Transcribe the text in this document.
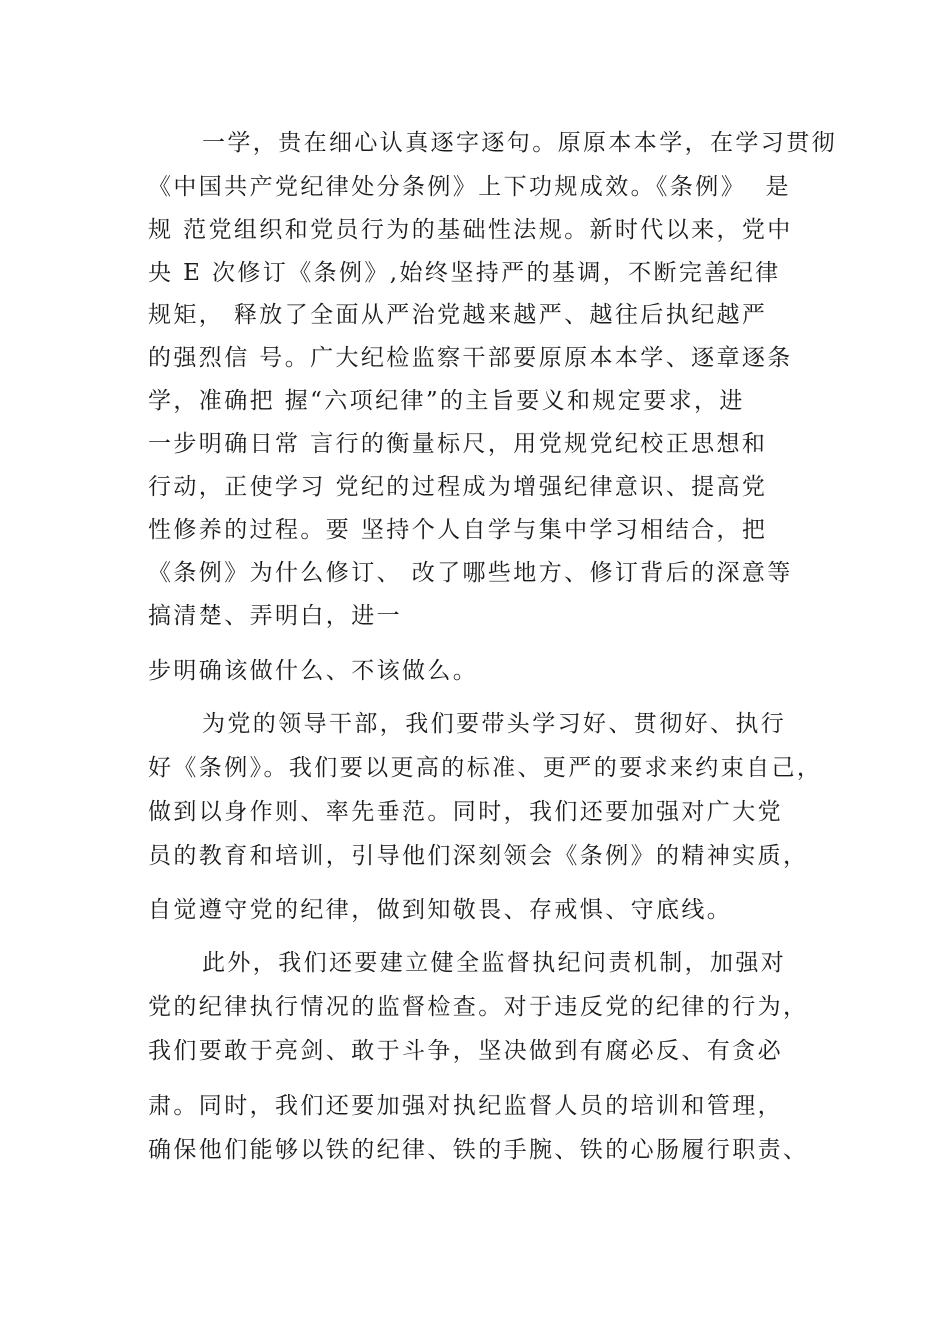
一学，贵在细心认真逐字逐句。原原本本学，在学习贯彻
《中国共产党纪律处分条例》上下功规成效。《条例》  是
规 范党组织和党员行为的基础性法规。新时代以来，党中
央 E 次修订《条例》,始终坚持严的基调，不断完善纪律
规矩， 释放了全面从严治党越来越严、越往后执纪越严
的强烈信 号。广大纪检监察干部要原原本本学、逐章逐条
学，准确把 握“六项纪律”的主旨要义和规定要求，进
一步明确日常 言行的衡量标尺，用党规党纪校正思想和
行动，正使学习 党纪的过程成为增强纪律意识、提高党
性修养的过程。要 坚持个人自学与集中学习相结合，把
《条例》为什么修订、 改了哪些地方、修订背后的深意等
搞清楚、弄明白，进一
步明确该做什么、不该做么。
为党的领导干部，我们要带头学习好、贯彻好、执行
好《条例》。我们要以更高的标准、更严的要求来约束自己，
做到以身作则、率先垂范。同时，我们还要加强对广大党
员的教育和培训，引导他们深刻领会《条例》的精神实质，
自觉遵守党的纪律，做到知敬畏、存戒惧、守底线。
此外，我们还要建立健全监督执纪问责机制，加强对
党的纪律执行情况的监督检查。对于违反党的纪律的行为，
我们要敢于亮剑、敢于斗争，坚决做到有腐必反、有贪必
肃。同时，我们还要加强对执纪监督人员的培训和管理，
确保他们能够以铁的纪律、铁的手腕、铁的心肠履行职责、
